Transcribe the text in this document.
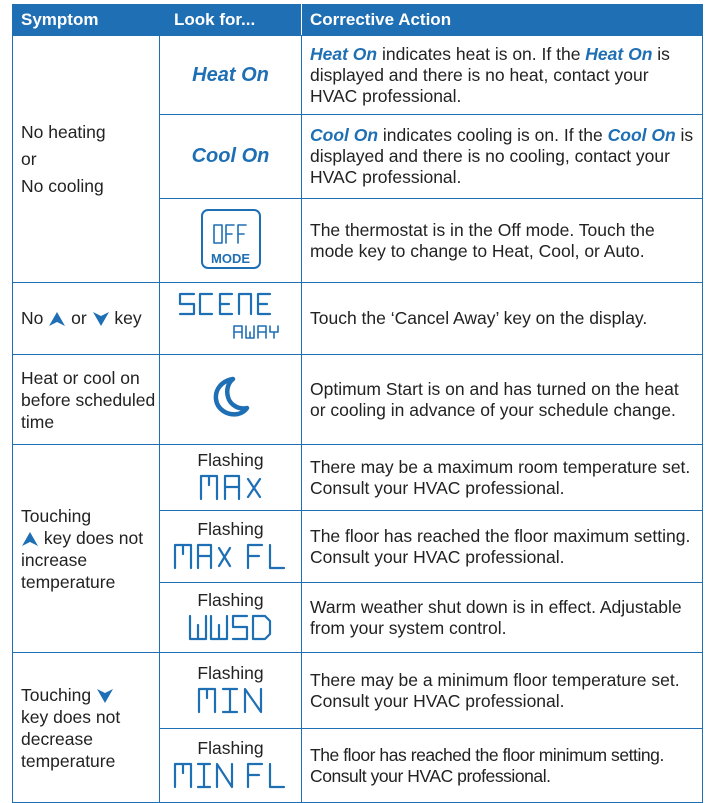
Symptom	Look for...	Corrective Action

No heating
or
No cooling	Heat On	Heat On indicates heat is on. If the Heat On is displayed and there is no heat, contact your HVAC professional.
	Cool On	Cool On indicates cooling is on. If the Cool On is displayed and there is no cooling, contact your HVAC professional.

	MODE	The thermostat is in the Off mode. Touch the mode key to change to Heat, Cool, or Auto.
No  or  key		Touch the ‘Cancel Away’ key on the display.
Heat or cool on before scheduled time		Optimum Start is on and has turned on the heat or cooling in advance of your schedule change.

Touching
key does not increase temperature	Flashing	There may be a maximum room temperature set. Consult your HVAC professional.

	Flashing	The floor has reached the floor maximum setting. Consult your HVAC professional.

	Flashing	Warm weather shut down is in effect. Adjustable from your system control.

Touching
key does not decrease temperature	Flashing	There may be a minimum floor temperature set. Consult your HVAC professional.

	Flashing	The floor has reached the floor minimum setting. Consult your HVAC professional.
